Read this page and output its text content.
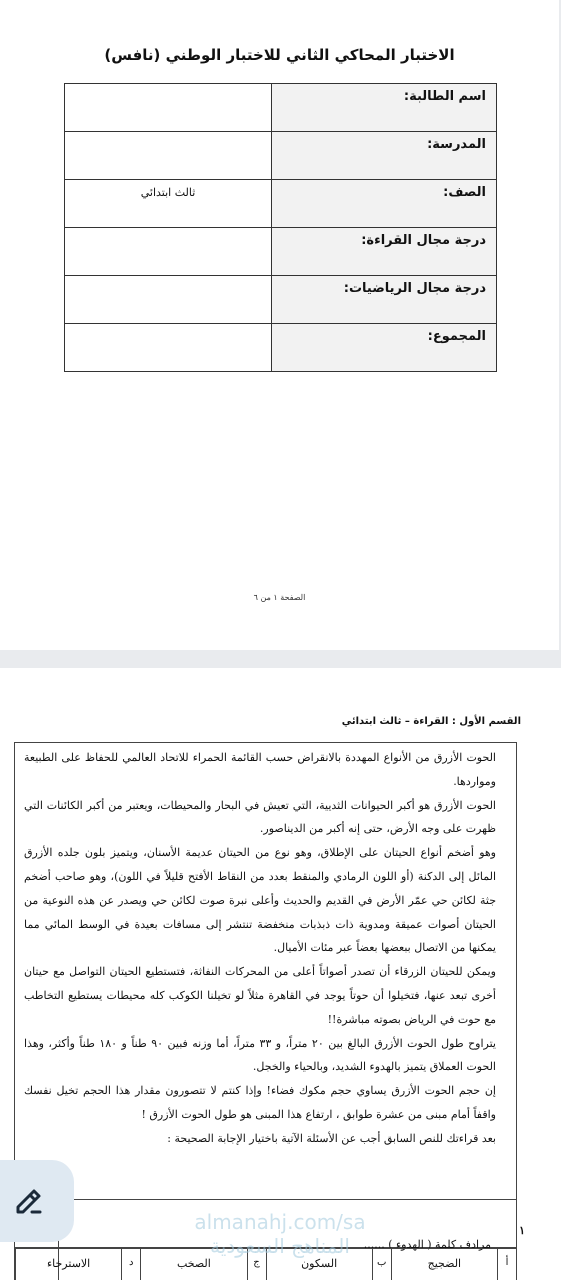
الاختبار المحاكي الثاني للاختبار الوطني (نافس)
اسم الطالبة:	
المدرسة:	
الصف:	ثالث ابتدائي
درجة مجال القراءة:	
درجة مجال الرياضيات:	
المجموع:	
الصفحة ١ من ٦
القسم الأول : القراءة – ثالث ابتدائي

الحوت الأزرق من الأنواع المهددة بالانقراض حسب القائمة الحمراء للاتحاد العالمي للحفاظ على الطبيعة ومواردها.

الحوت الأزرق هو أكبر الحيوانات الثديية، التي تعيش في البحار والمحيطات، ويعتبر من أكبر الكائنات التي ظهرت على وجه الأرض، حتى إنه أكبر من الديناصور.

وهو أضخم أنواع الحيتان على الإطلاق، وهو نوع من الحيتان عديمة الأسنان، ويتميز بلون جلده الأزرق المائل إلى الدكنة (أو اللون الرمادي والمنقط بعدد من النقاط الأفتح قليلاً في اللون)، وهو صاحب أضخم جثة لكائن حي عمّر الأرض في القديم والحديث وأعلى نبرة صوت لكائن حي ويصدر عن هذه النوعية من الحيتان أصوات عميقة ومدوية ذات ذبذبات منخفضة تنتشر إلى مسافات بعيدة في الوسط المائي مما يمكنها من الاتصال ببعضها بعضاً عبر مئات الأميال.

ويمكن للحيتان الزرقاء أن تصدر أصواتاً أعلى من المحركات النفاثة، فتستطيع الحيتان التواصل مع حيتان أخرى تبعد عنها، فتخيلوا أن حوتاً يوجد في القاهرة مثلاً لو تخيلنا الكوكب كله محيطات يستطيع التخاطب مع حوت في الرياض بصوته مباشرة!!

يتراوح طول الحوت الأزرق البالغ بين ٢٠ متراً، و ٣٣ متراً، أما وزنه فبين ٩٠ طناً و ١٨٠ طناً وأكثر، وهذا الحوت العملاق يتميز بالهدوء الشديد، وبالحياء والخجل.

إن حجم الحوت الأزرق يساوي حجم مكوك فضاء! وإذا كنتم لا تتصورون مقدار هذا الحجم تخيل نفسك واقفاً أمام مبنى من عشرة طوابق ، ارتفاع هذا المبنى هو طول الحوت الأزرق !

بعد قراءتك للنص السابق أجب عن الأسئلة الآتية باختيار الإجابة الصحيحة :

١
مرادف كلمة ( الهدوء ) ......
أ
الضجيج
ب
السكون
ج
الصخب
د
الاسترخاء
almanahj.com/sa
المناهج السعودية
